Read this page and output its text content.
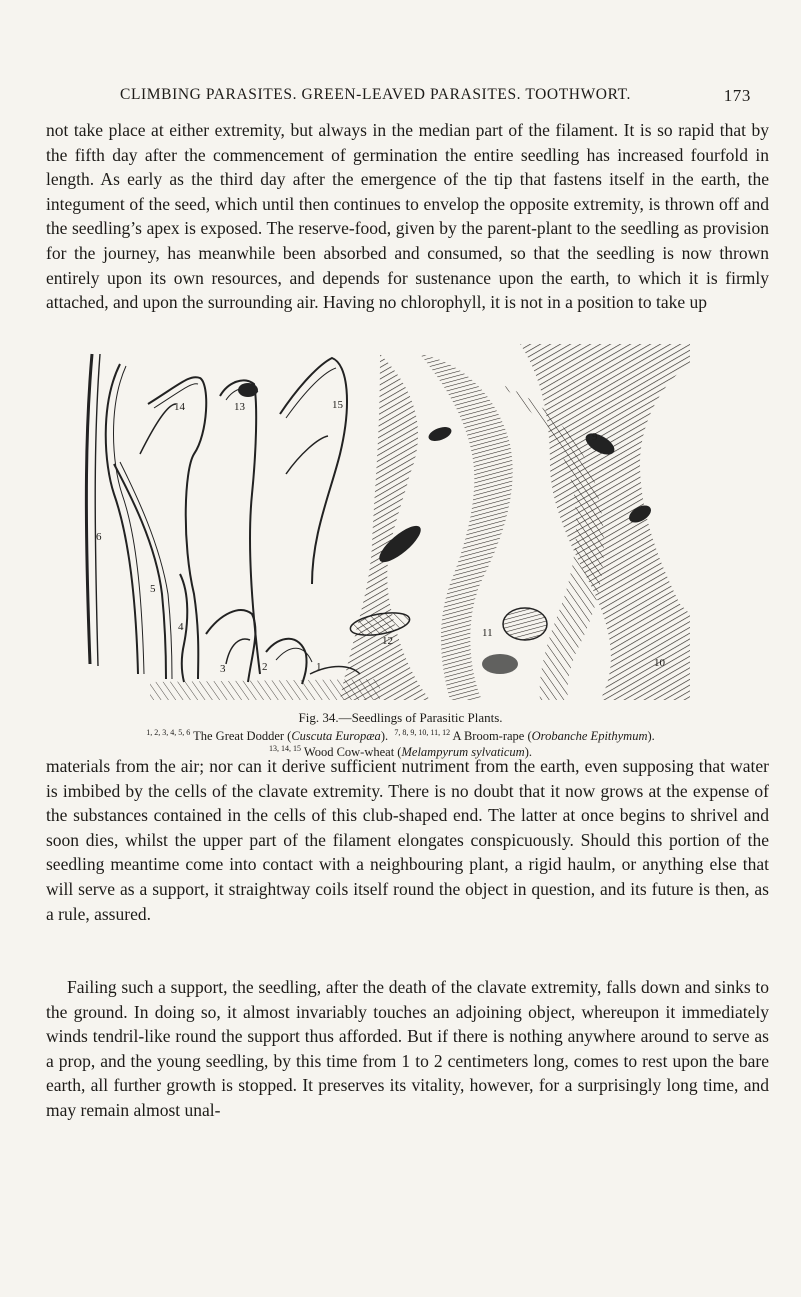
CLIMBING PARASITES. GREEN-LEAVED PARASITES. TOOTHWORT.	173

not take place at either extremity, but always in the median part of the filament. It is so rapid that by the fifth day after the commencement of germination the entire seedling has increased fourfold in length. As early as the third day after the emergence of the tip that fastens itself in the earth, the integument of the seed, which until then continues to envelop the opposite extremity, is thrown off and the seedling’s apex is exposed. The reserve-food, given by the parent-plant to the seedling as provision for the journey, has meanwhile been absorbed and consumed, so that the seedling is now thrown entirely upon its own resources, and depends for sustenance upon the earth, to which it is firmly attached, and upon the surrounding air. Having no chlorophyll, it is not in a position to take up

14	13	15
6
5
4
3	2	1
9
10
11
12
Fig. 34.—Seedlings of Parasitic Plants.
$^{1, 2, 3, 4, 5, 6}$ The Great Dodder (Cuscuta Europæa). $^{7, 8, 9, 10, 11, 12}$ A Broom-rape (Orobanche Epithymum).
$^{13, 14, 15}$ Wood Cow-wheat (Melampyrum sylvaticum).

materials from the air; nor can it derive sufficient nutriment from the earth, even supposing that water is imbibed by the cells of the clavate extremity. There is no doubt that it now grows at the expense of the substances contained in the cells of this club-shaped end. The latter at once begins to shrivel and soon dies, whilst the upper part of the filament elongates conspicuously. Should this portion of the seedling meantime come into contact with a neighbouring plant, a rigid haulm, or anything else that will serve as a support, it straightway coils itself round the object in question, and its future is then, as a rule, assured.

Failing such a support, the seedling, after the death of the clavate extremity, falls down and sinks to the ground. In doing so, it almost invariably touches an adjoining object, whereupon it immediately winds tendril-like round the support thus afforded. But if there is nothing anywhere around to serve as a prop, and the young seedling, by this time from 1 to 2 centimeters long, comes to rest upon the bare earth, all further growth is stopped. It preserves its vitality, however, for a surprisingly long time, and may remain almost unal-
